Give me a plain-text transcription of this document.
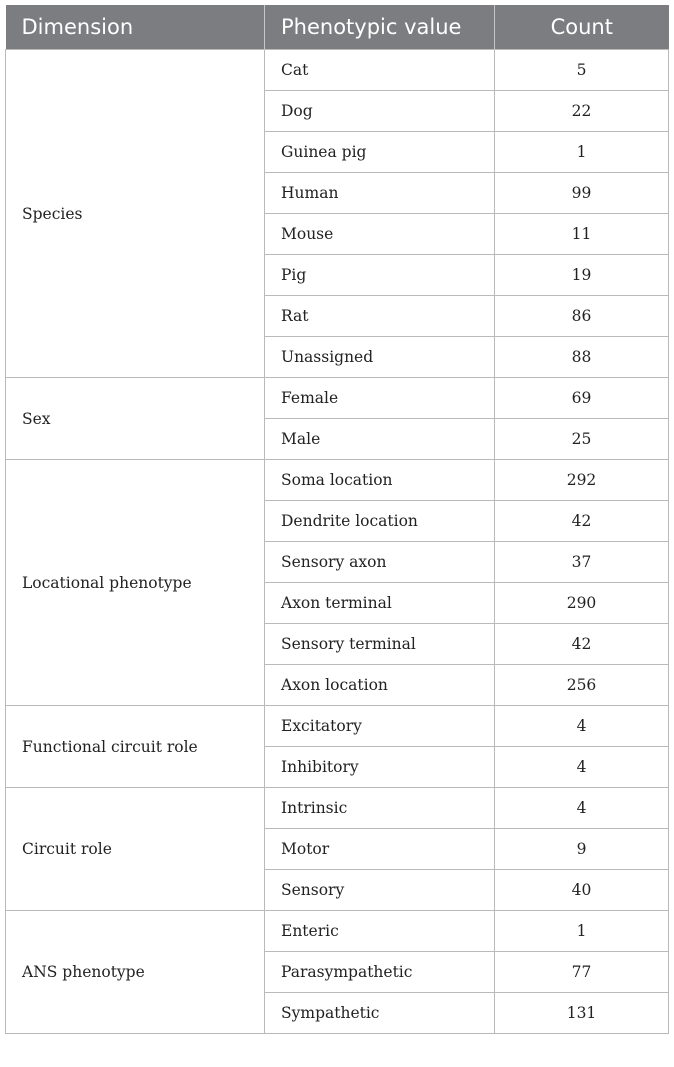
Dimension	Phenotypic value	Count
Species	Cat	5
	Dog	22
	Guinea pig	1
	Human	99
	Mouse	11
	Pig	19
	Rat	86
	Unassigned	88
Sex	Female	69
	Male	25
Locational phenotype	Soma location	292
	Dendrite location	42
	Sensory axon	37
	Axon terminal	290
	Sensory terminal	42
	Axon location	256
Functional circuit role	Excitatory	4
	Inhibitory	4
Circuit role	Intrinsic	4
	Motor	9
	Sensory	40
ANS phenotype	Enteric	1
	Parasympathetic	77
	Sympathetic	131
